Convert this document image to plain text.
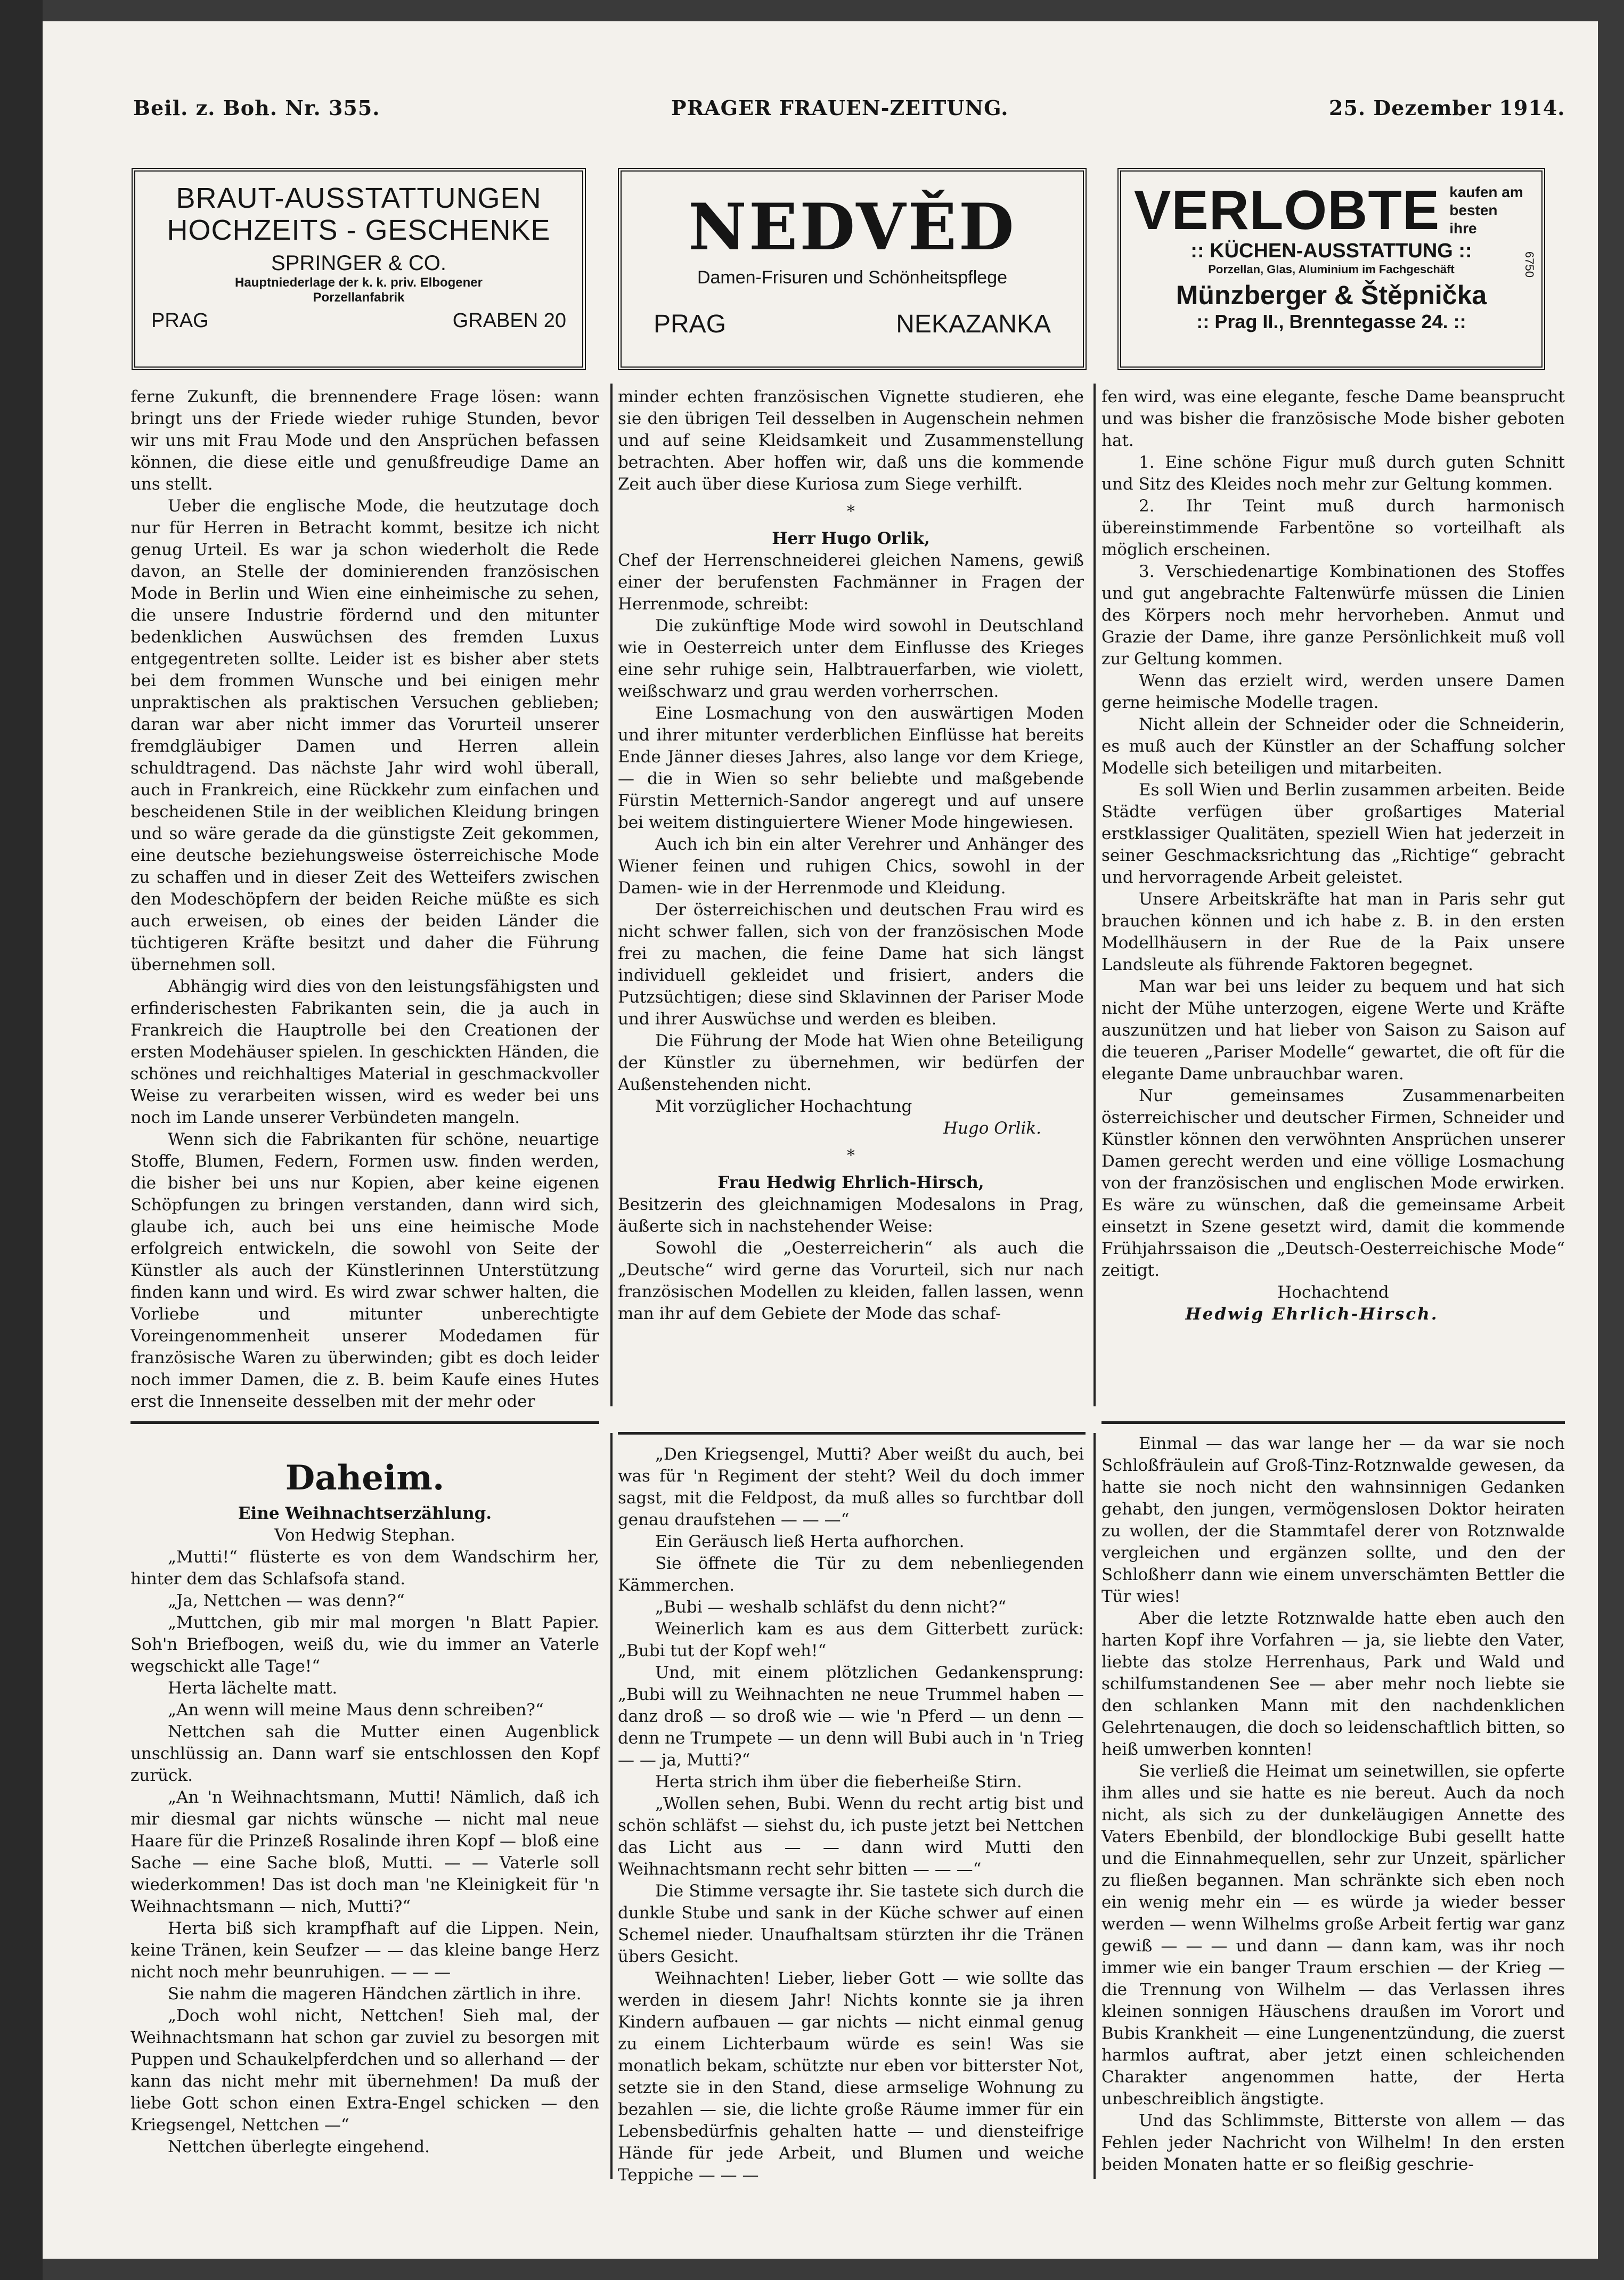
Beil. z. Boh. Nr. 355.	PRAGER FRAUEN-ZEITUNG.	25. Dezember 1914.
BRAUT-AUSSTATTUNGEN
HOCHZEITS - GESCHENKE
SPRINGER & CO.
Hauptniederlage der k. k. priv. Elbogener
Porzellanfabrik
PRAG	GRABEN 20
NEDVĚD
Damen-Frisuren und Schönheitspflege
PRAG	NEKAZANKA
VERLOBTE kaufen am
besten ihre
:: KÜCHEN-AUSSTATTUNG ::
Porzellan, Glas, Aluminium im Fachgeschäft
Münzberger & Štěpnička
:: Prag II., Brenntegasse 24. ::
6750

ferne Zukunft, die brennendere Frage lösen: wann bringt uns der Friede wieder ruhige Stunden, bevor wir uns mit Frau Mode und den Ansprüchen befassen können, die diese eitle und genußfreudige Dame an uns stellt.

Ueber die englische Mode, die heutzutage doch nur für Herren in Betracht kommt, besitze ich nicht genug Urteil. Es war ja schon wiederholt die Rede davon, an Stelle der dominierenden französischen Mode in Berlin und Wien eine einheimische zu sehen, die unsere Industrie fördernd und den mitunter bedenklichen Auswüchsen des fremden Luxus entgegentreten sollte. Leider ist es bisher aber stets bei dem frommen Wunsche und bei einigen mehr unpraktischen als praktischen Versuchen geblieben; daran war aber nicht immer das Vorurteil unserer fremdgläubiger Damen und Herren allein schuldtragend. Das nächste Jahr wird wohl überall, auch in Frankreich, eine Rückkehr zum einfachen und bescheidenen Stile in der weiblichen Kleidung bringen und so wäre gerade da die günstigste Zeit gekommen, eine deutsche beziehungsweise österreichische Mode zu schaffen und in dieser Zeit des Wetteifers zwischen den Modeschöpfern der beiden Reiche müßte es sich auch erweisen, ob eines der beiden Länder die tüchtigeren Kräfte besitzt und daher die Führung übernehmen soll.

Abhängig wird dies von den leistungsfähigsten und erfinderischesten Fabrikanten sein, die ja auch in Frankreich die Hauptrolle bei den Creationen der ersten Modehäuser spielen. In geschickten Händen, die schönes und reichhaltiges Material in geschmackvoller Weise zu verarbeiten wissen, wird es weder bei uns noch im Lande unserer Verbündeten mangeln.

Wenn sich die Fabrikanten für schöne, neuartige Stoffe, Blumen, Federn, Formen usw. finden werden, die bisher bei uns nur Kopien, aber keine eigenen Schöpfungen zu bringen verstanden, dann wird sich, glaube ich, auch bei uns eine heimische Mode erfolgreich entwickeln, die sowohl von Seite der Künstler als auch der Künstlerinnen Unterstützung finden kann und wird. Es wird zwar schwer halten, die Vorliebe und mitunter unberechtigte Voreingenommenheit unserer Modedamen für französische Waren zu überwinden; gibt es doch leider noch immer Damen, die z. B. beim Kaufe eines Hutes erst die Innenseite desselben mit der mehr oder

minder echten französischen Vignette studieren, ehe sie den übrigen Teil desselben in Augenschein nehmen und auf seine Kleidsamkeit und Zusammenstellung betrachten. Aber hoffen wir, daß uns die kommende Zeit auch über diese Kuriosa zum Siege verhilft.

*

Herr Hugo Orlik,

Chef der Herrenschneiderei gleichen Namens, gewiß einer der berufensten Fachmänner in Fragen der Herrenmode, schreibt:

Die zukünftige Mode wird sowohl in Deutschland wie in Oesterreich unter dem Einflusse des Krieges eine sehr ruhige sein, Halbtrauerfarben, wie violett, weißschwarz und grau werden vorherrschen.

Eine Losmachung von den auswärtigen Moden und ihrer mitunter verderblichen Einflüsse hat bereits Ende Jänner dieses Jahres, also lange vor dem Kriege, — die in Wien so sehr beliebte und maßgebende Fürstin Metternich-Sandor angeregt und auf unsere bei weitem distinguiertere Wiener Mode hingewiesen.

Auch ich bin ein alter Verehrer und Anhänger des Wiener feinen und ruhigen Chics, sowohl in der Damen- wie in der Herrenmode und Kleidung.

Der österreichischen und deutschen Frau wird es nicht schwer fallen, sich von der französischen Mode frei zu machen, die feine Dame hat sich längst individuell gekleidet und frisiert, anders die Putzsüchtigen; diese sind Sklavinnen der Pariser Mode und ihrer Auswüchse und werden es bleiben.

Die Führung der Mode hat Wien ohne Beteiligung der Künstler zu übernehmen, wir bedürfen der Außenstehenden nicht.

Mit vorzüglicher Hochachtung

Hugo Orlik.

*

Frau Hedwig Ehrlich-Hirsch,

Besitzerin des gleichnamigen Modesalons in Prag, äußerte sich in nachstehender Weise:

Sowohl die „Oesterreicherin“ als auch die „Deutsche“ wird gerne das Vorurteil, sich nur nach französischen Modellen zu kleiden, fallen lassen, wenn man ihr auf dem Gebiete der Mode das schaf-

fen wird, was eine elegante, fesche Dame beansprucht und was bisher die französische Mode bisher geboten hat.

1. Eine schöne Figur muß durch guten Schnitt und Sitz des Kleides noch mehr zur Geltung kommen.

2. Ihr Teint muß durch harmonisch übereinstimmende Farbentöne so vorteilhaft als möglich erscheinen.

3. Verschiedenartige Kombinationen des Stoffes und gut angebrachte Faltenwürfe müssen die Linien des Körpers noch mehr hervorheben. Anmut und Grazie der Dame, ihre ganze Persönlichkeit muß voll zur Geltung kommen.

Wenn das erzielt wird, werden unsere Damen gerne heimische Modelle tragen.

Nicht allein der Schneider oder die Schneiderin, es muß auch der Künstler an der Schaffung solcher Modelle sich beteiligen und mitarbeiten.

Es soll Wien und Berlin zusammen arbeiten. Beide Städte verfügen über großartiges Material erstklassiger Qualitäten, speziell Wien hat jederzeit in seiner Geschmacksrichtung das „Richtige“ gebracht und hervorragende Arbeit geleistet.

Unsere Arbeitskräfte hat man in Paris sehr gut brauchen können und ich habe z. B. in den ersten Modellhäusern in der Rue de la Paix unsere Landsleute als führende Faktoren begegnet.

Man war bei uns leider zu bequem und hat sich nicht der Mühe unterzogen, eigene Werte und Kräfte auszunützen und hat lieber von Saison zu Saison auf die teueren „Pariser Modelle“ gewartet, die oft für die elegante Dame unbrauchbar waren.

Nur gemeinsames Zusammenarbeiten österreichischer und deutscher Firmen, Schneider und Künstler können den verwöhnten Ansprüchen unserer Damen gerecht werden und eine völlige Losmachung von der französischen und englischen Mode erwirken. Es wäre zu wünschen, daß die gemeinsame Arbeit einsetzt in Szene gesetzt wird, damit die kommende Frühjahrssaison die „Deutsch-Oesterreichische Mode“ zeitigt.

Hochachtend

Hedwig Ehrlich-Hirsch.

Daheim.
Eine Weihnachtserzählung.
Von Hedwig Stephan.

„Mutti!“ flüsterte es von dem Wandschirm her, hinter dem das Schlafsofa stand.

„Ja, Nettchen — was denn?“

„Muttchen, gib mir mal morgen 'n Blatt Papier. Soh'n Briefbogen, weiß du, wie du immer an Vaterle wegschickt alle Tage!“

Herta lächelte matt.

„An wenn will meine Maus denn schreiben?“

Nettchen sah die Mutter einen Augenblick unschlüssig an. Dann warf sie entschlossen den Kopf zurück.

„An 'n Weihnachtsmann, Mutti! Nämlich, daß ich mir diesmal gar nichts wünsche — nicht mal neue Haare für die Prinzeß Rosalinde ihren Kopf — bloß eine Sache — eine Sache bloß, Mutti. — — Vaterle soll wiederkommen! Das ist doch man 'ne Kleinigkeit für 'n Weihnachtsmann — nich, Mutti?“

Herta biß sich krampfhaft auf die Lippen. Nein, keine Tränen, kein Seufzer — — das kleine bange Herz nicht noch mehr beunruhigen. — — —

Sie nahm die mageren Händchen zärtlich in ihre.

„Doch wohl nicht, Nettchen! Sieh mal, der Weihnachtsmann hat schon gar zuviel zu besorgen mit Puppen und Schaukelpferdchen und so allerhand — der kann das nicht mehr mit übernehmen! Da muß der liebe Gott schon einen Extra-Engel schicken — den Kriegsengel, Nettchen —“

Nettchen überlegte eingehend.

„Den Kriegsengel, Mutti? Aber weißt du auch, bei was für 'n Regiment der steht? Weil du doch immer sagst, mit die Feldpost, da muß alles so furchtbar doll genau draufstehen — — —“

Ein Geräusch ließ Herta aufhorchen.

Sie öffnete die Tür zu dem nebenliegenden Kämmerchen.

„Bubi — weshalb schläfst du denn nicht?“

Weinerlich kam es aus dem Gitterbett zurück: „Bubi tut der Kopf weh!“

Und, mit einem plötzlichen Gedankensprung: „Bubi will zu Weihnachten ne neue Trummel haben — danz droß — so droß wie — wie 'n Pferd — un denn — denn ne Trumpete — un denn will Bubi auch in 'n Trieg — — ja, Mutti?“

Herta strich ihm über die fieberheiße Stirn.

„Wollen sehen, Bubi. Wenn du recht artig bist und schön schläfst — siehst du, ich puste jetzt bei Nettchen das Licht aus — — dann wird Mutti den Weihnachtsmann recht sehr bitten — — —“

Die Stimme versagte ihr. Sie tastete sich durch die dunkle Stube und sank in der Küche schwer auf einen Schemel nieder. Unaufhaltsam stürzten ihr die Tränen übers Gesicht.

Weihnachten! Lieber, lieber Gott — wie sollte das werden in diesem Jahr! Nichts konnte sie ja ihren Kindern aufbauen — gar nichts — nicht einmal genug zu einem Lichterbaum würde es sein! Was sie monatlich bekam, schützte nur eben vor bitterster Not, setzte sie in den Stand, diese armselige Wohnung zu bezahlen — sie, die lichte große Räume immer für ein Lebensbedürfnis gehalten hatte — und diensteifrige Hände für jede Arbeit, und Blumen und weiche Teppiche — — —

Einmal — das war lange her — da war sie noch Schloßfräulein auf Groß-Tinz-Rotznwalde gewesen, da hatte sie noch nicht den wahnsinnigen Gedanken gehabt, den jungen, vermögenslosen Doktor heiraten zu wollen, der die Stammtafel derer von Rotznwalde vergleichen und ergänzen sollte, und den der Schloßherr dann wie einem unverschämten Bettler die Tür wies!

Aber die letzte Rotznwalde hatte eben auch den harten Kopf ihre Vorfahren — ja, sie liebte den Vater, liebte das stolze Herrenhaus, Park und Wald und schilfumstandenen See — aber mehr noch liebte sie den schlanken Mann mit den nachdenklichen Gelehrtenaugen, die doch so leidenschaftlich bitten, so heiß umwerben konnten!

Sie verließ die Heimat um seinetwillen, sie opferte ihm alles und sie hatte es nie bereut. Auch da noch nicht, als sich zu der dunkeläugigen Annette des Vaters Ebenbild, der blondlockige Bubi gesellt hatte und die Einnahmequellen, sehr zur Unzeit, spärlicher zu fließen begannen. Man schränkte sich eben noch ein wenig mehr ein — es würde ja wieder besser werden — wenn Wilhelms große Arbeit fertig war ganz gewiß — — — und dann — dann kam, was ihr noch immer wie ein banger Traum erschien — der Krieg — die Trennung von Wilhelm — das Verlassen ihres kleinen sonnigen Häuschens draußen im Vorort und Bubis Krankheit — eine Lungenentzündung, die zuerst harmlos auftrat, aber jetzt einen schleichenden Charakter angenommen hatte, der Herta unbeschreiblich ängstigte.

Und das Schlimmste, Bitterste von allem — das Fehlen jeder Nachricht von Wilhelm! In den ersten beiden Monaten hatte er so fleißig geschrie-
